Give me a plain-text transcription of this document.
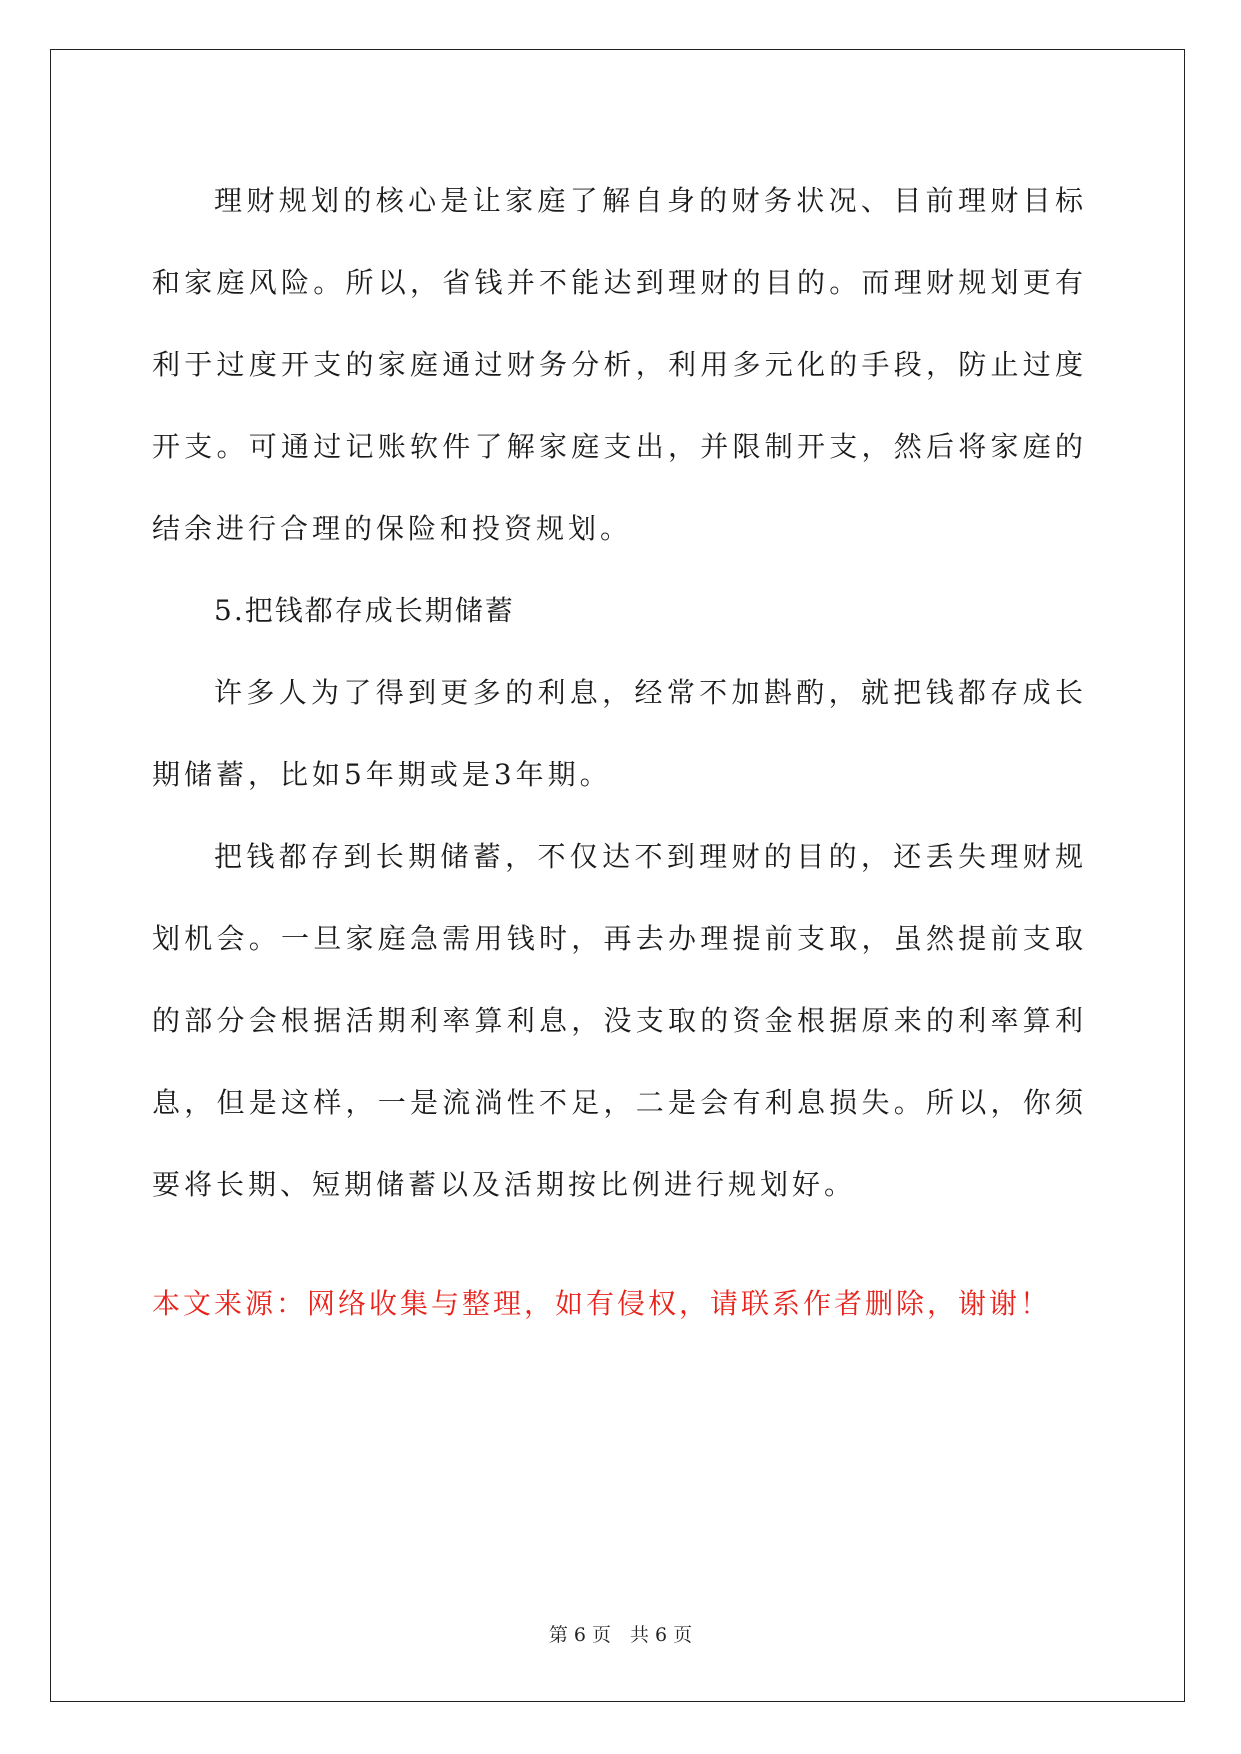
理财规划的核心是让家庭了解自身的财务状况、目前理财目标和家庭风险。所以，省钱并不能达到理财的目的。而理财规划更有利于过度开支的家庭通过财务分析，利用多元化的手段，防止过度开支。可通过记账软件了解家庭支出，并限制开支，然后将家庭的结余进行合理的保险和投资规划。

5.把钱都存成长期储蓄

许多人为了得到更多的利息，经常不加斟酌，就把钱都存成长期储蓄，比如5年期或是3年期。

把钱都存到长期储蓄，不仅达不到理财的目的，还丢失理财规划机会。一旦家庭急需用钱时，再去办理提前支取，虽然提前支取的部分会根据活期利率算利息，没支取的资金根据原来的利率算利息，但是这样，一是流淌性不足，二是会有利息损失。所以，你须要将长期、短期储蓄以及活期按比例进行规划好。

本文来源：网络收集与整理，如有侵权，请联系作者删除，谢谢！

第 6 页　共 6 页
